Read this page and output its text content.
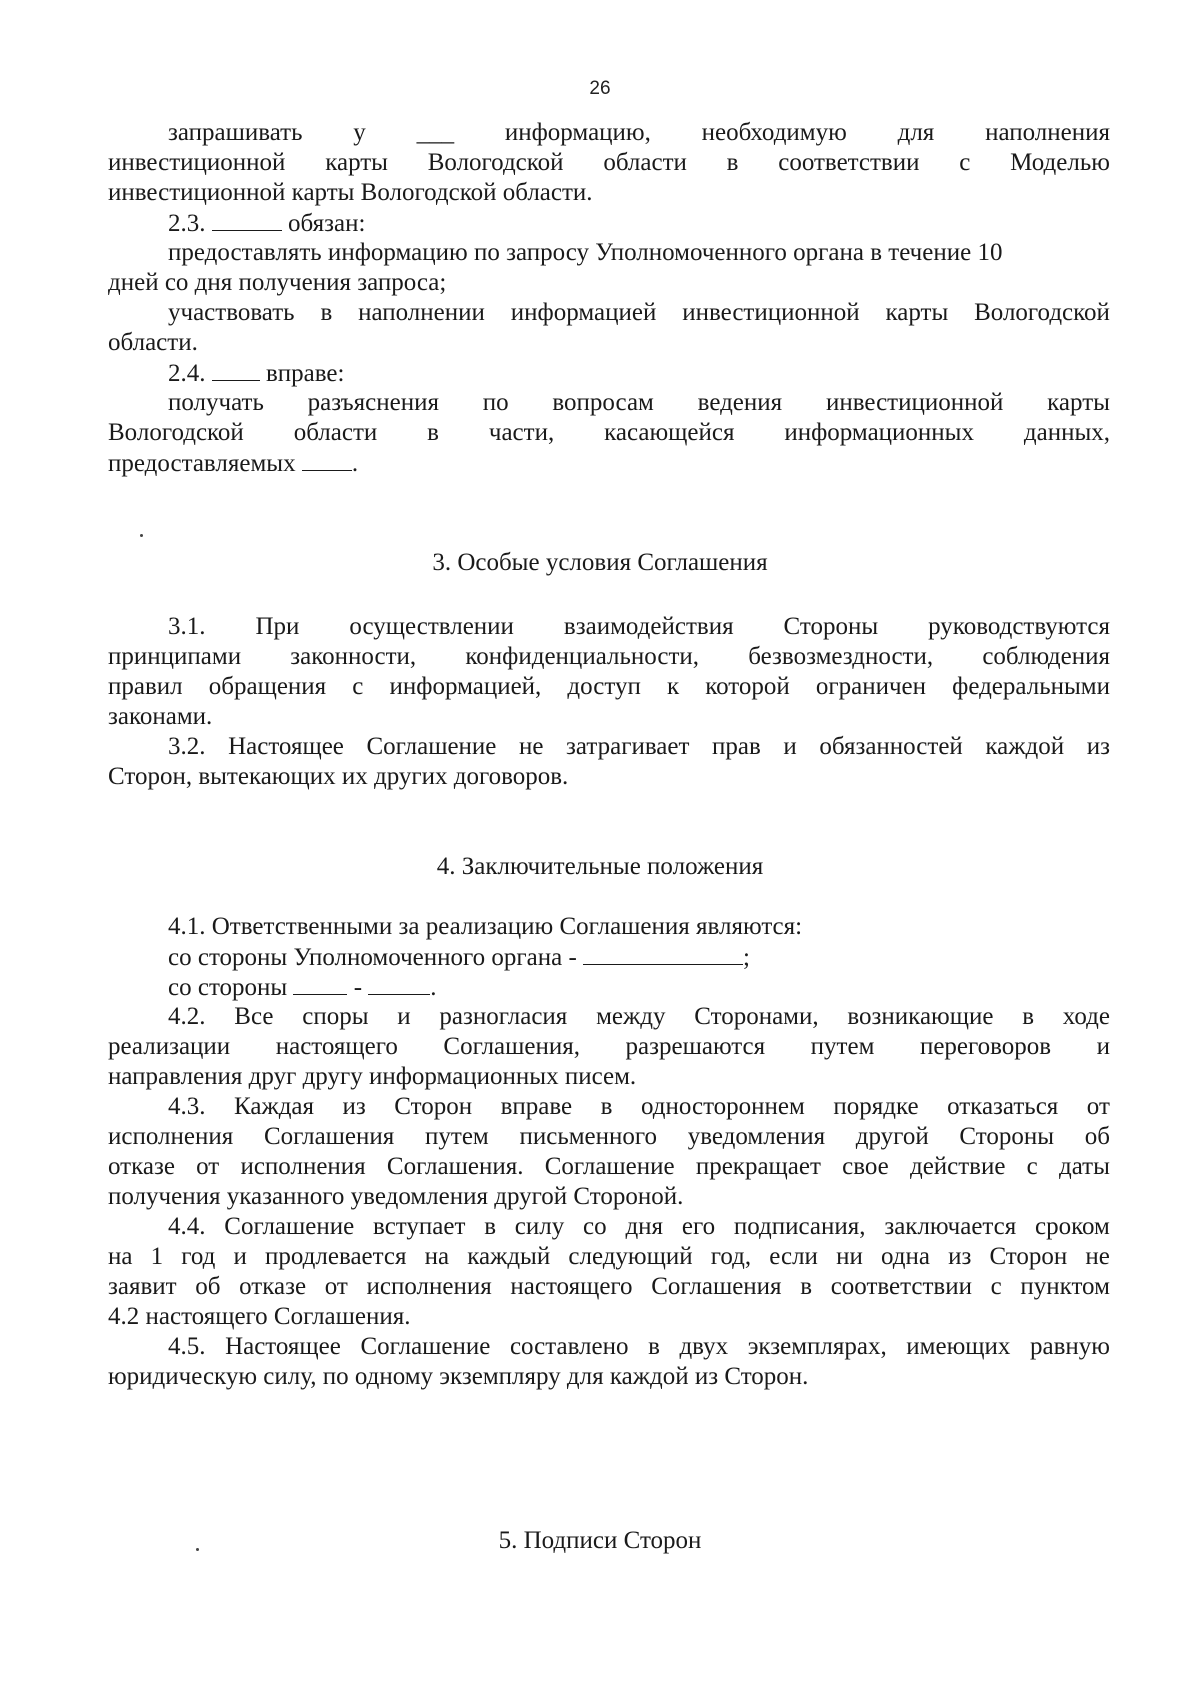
26
запрашивать у ___ информацию, необходимую для наполнения
инвестиционной карты Вологодской области в соответствии с Моделью
инвестиционной карты Вологодской области.
2.3.	обязан:
предоставлять информацию по запросу Уполномоченного органа в течение 10
дней со дня получения запроса;
участвовать в наполнении информацией инвестиционной карты Вологодской
области.
2.4. вправе:
получать разъяснения по вопросам ведения инвестиционной карты
Вологодской области в части, касающейся информационных данных,
предоставляемых .
3. Особые условия Соглашения
3.1. При осуществлении взаимодействия Стороны руководствуются
принципами законности, конфиденциальности, безвозмездности, соблюдения
правил обращения с информацией, доступ к которой ограничен федеральными
законами.
3.2. Настоящее Соглашение не затрагивает прав и обязанностей каждой из
Сторон, вытекающих их других договоров.
4. Заключительные положения
4.1. Ответственными за реализацию Соглашения являются:
со стороны Уполномоченного органа -	;
со стороны	-	.
4.2. Все споры и разногласия между Сторонами, возникающие в ходе
реализации настоящего Соглашения, разрешаются путем переговоров и
направления друг другу информационных писем.
4.3. Каждая из Сторон вправе в одностороннем порядке отказаться от
исполнения Соглашения путем письменного уведомления другой Стороны об
отказе от исполнения Соглашения. Соглашение прекращает свое действие с даты
получения указанного уведомления другой Стороной.
4.4. Соглашение вступает в силу со дня его подписания, заключается сроком
на 1 год и продлевается на каждый следующий год, если ни одна из Сторон не
заявит об отказе от исполнения настоящего Соглашения в соответствии с пунктом
4.2 настоящего Соглашения.
4.5. Настоящее Соглашение составлено в двух экземплярах, имеющих равную
юридическую силу, по одному экземпляру для каждой из Сторон.
5. Подписи Сторон
